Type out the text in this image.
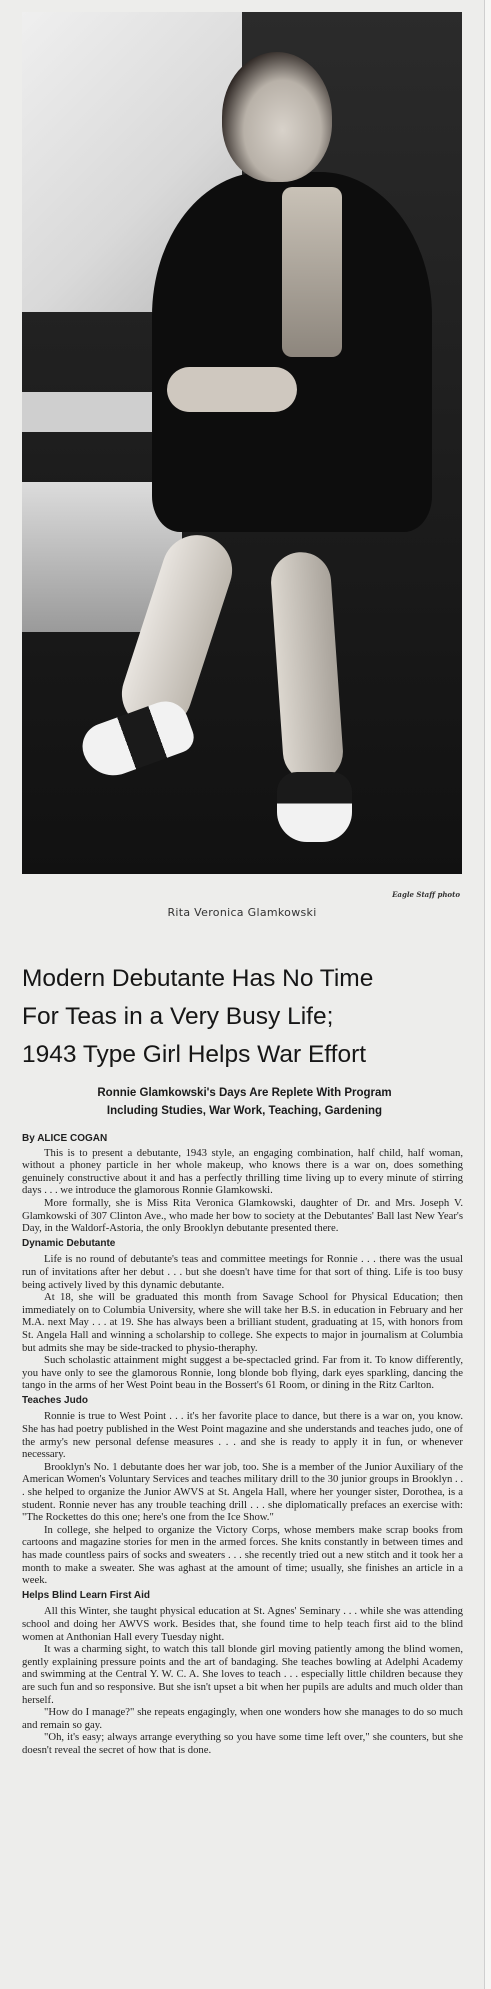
Eagle Staff photo
Rita Veronica Glamkowski
Modern Debutante Has No Time
For Teas in a Very Busy Life;
1943 Type Girl Helps War Effort
Ronnie Glamkowski's Days Are Replete With Program
Including Studies, War Work, Teaching, Gardening

By ALICE COGAN

This is to present a debutante, 1943 style, an engaging combination, half child, half woman, without a phoney particle in her whole makeup, who knows there is a war on, does something genuinely constructive about it and has a perfectly thrilling time living up to every minute of stirring days . . . we introduce the glamorous Ronnie Glamkowski.

More formally, she is Miss Rita Veronica Glamkowski, daughter of Dr. and Mrs. Joseph V. Glamkowski of 307 Clinton Ave., who made her bow to society at the Debutantes' Ball last New Year's Day, in the Waldorf-Astoria, the only Brooklyn debutante presented there.

Dynamic Debutante

Life is no round of debutante's teas and committee meetings for Ronnie . . . there was the usual run of invitations after her debut . . . but she doesn't have time for that sort of thing. Life is too busy being actively lived by this dynamic debutante.

At 18, she will be graduated this month from Savage School for Physical Education; then immediately on to Columbia University, where she will take her B.S. in education in February and her M.A. next May . . . at 19. She has always been a brilliant student, graduating at 15, with honors from St. Angela Hall and winning a scholarship to college. She expects to major in journalism at Columbia but admits she may be side-tracked to physio-theraphy.

Such scholastic attainment might suggest a be-spectacled grind. Far from it. To know differently, you have only to see the glamorous Ronnie, long blonde bob flying, dark eyes sparkling, dancing the tango in the arms of her West Point beau in the Bossert's 61 Room, or dining in the Ritz Carlton.

Teaches Judo

Ronnie is true to West Point . . . it's her favorite place to dance, but there is a war on, you know. She has had poetry published in the West Point magazine and she understands and teaches judo, one of the army's new personal defense measures . . . and she is ready to apply it in fun, or whenever necessary.

Brooklyn's No. 1 debutante does her war job, too. She is a member of the Junior Auxiliary of the American Women's Voluntary Services and teaches military drill to the 30 junior groups in Brooklyn . . . she helped to organize the Junior AWVS at St. Angela Hall, where her younger sister, Dorothea, is a student. Ronnie never has any trouble teaching drill . . . she diplomatically prefaces an exercise with: "The Rockettes do this one; here's one from the Ice Show."

In college, she helped to organize the Victory Corps, whose members make scrap books from cartoons and magazine stories for men in the armed forces. She knits constantly in between times and has made countless pairs of socks and sweaters . . . she recently tried out a new stitch and it took her a month to make a sweater. She was aghast at the amount of time; usually, she finishes an article in a week.

Helps Blind Learn First Aid

All this Winter, she taught physical education at St. Agnes' Seminary . . . while she was attending school and doing her AWVS work. Besides that, she found time to help teach first aid to the blind women at Anthonian Hall every Tuesday night.

It was a charming sight, to watch this tall blonde girl moving patiently among the blind women, gently explaining pressure points and the art of bandaging. She teaches bowling at Adelphi Academy and swimming at the Central Y. W. C. A. She loves to teach . . . especially little children because they are such fun and so responsive. But she isn't upset a bit when her pupils are adults and much older than herself.

"How do I manage?" she repeats engagingly, when one wonders how she manages to do so much and remain so gay.

"Oh, it's easy; always arrange everything so you have some time left over," she counters, but she doesn't reveal the secret of how that is done.
